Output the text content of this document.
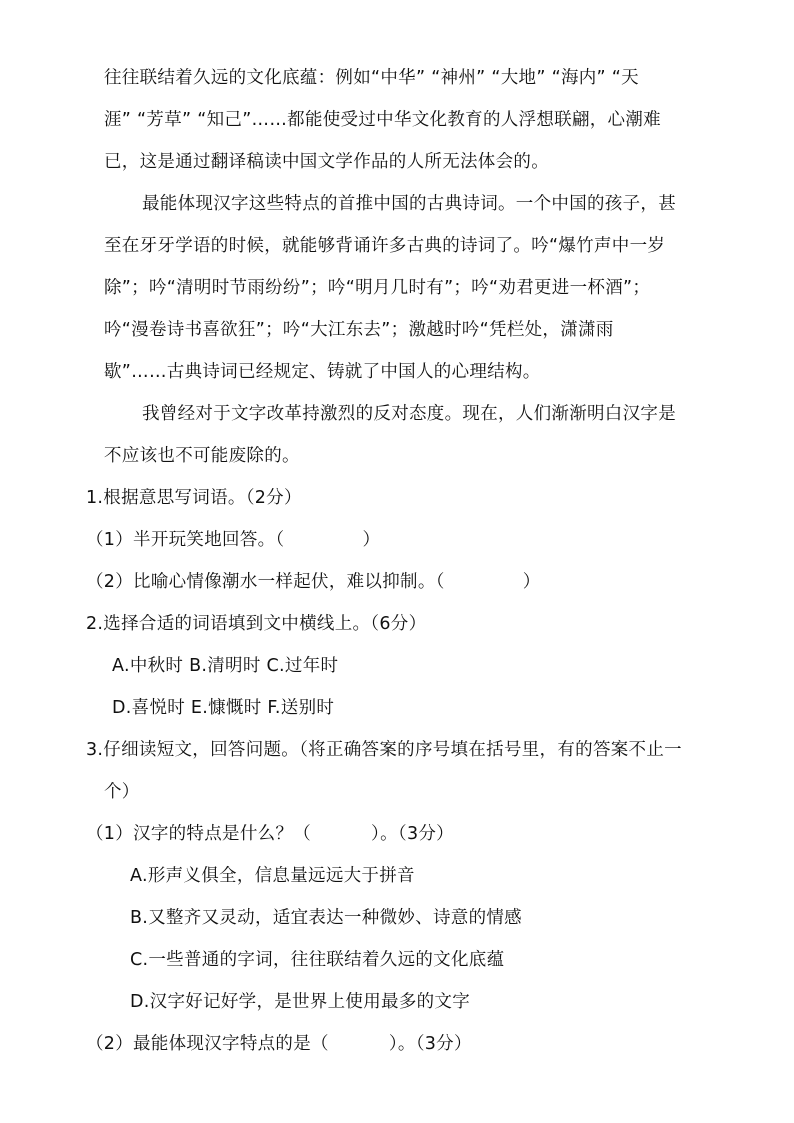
往往联结着久远的文化底蕴：例如“中华” “神州” “大地” “海内” “天
涯” “芳草” “知己”……都能使受过中华文化教育的人浮想联翩，心潮难
已，这是通过翻译稿读中国文学作品的人所无法体会的。
最能体现汉字这些特点的首推中国的古典诗词。一个中国的孩子，甚
至在牙牙学语的时候，就能够背诵许多古典的诗词了。吟“爆竹声中一岁
除”；吟“清明时节雨纷纷”；吟“明月几时有”；吟“劝君更进一杯酒”；
吟“漫卷诗书喜欲狂”；吟“大江东去”；激越时吟“凭栏处，潇潇雨
歇”……古典诗词已经规定、铸就了中国人的心理结构。
我曾经对于文字改革持激烈的反对态度。现在，人们渐渐明白汉字是
不应该也不可能废除的。
1.根据意思写词语。（2分）
（1）半开玩笑地回答。（	）
（2）比喻心情像潮水一样起伏，难以抑制。（	）
2.选择合适的词语填到文中横线上。（6分）
A.中秋时 B.清明时 C.过年时
D.喜悦时 E.慷慨时 F.送别时
3.仔细读短文，回答问题。（将正确答案的序号填在括号里，有的答案不止一
个）
（1）汉字的特点是什么？（	）。（3分）
A.形声义俱全，信息量远远大于拼音
B.又整齐又灵动，适宜表达一种微妙、诗意的情感
C.一些普通的字词，往往联结着久远的文化底蕴
D.汉字好记好学，是世界上使用最多的文字
（2）最能体现汉字特点的是（	）。（3分）
